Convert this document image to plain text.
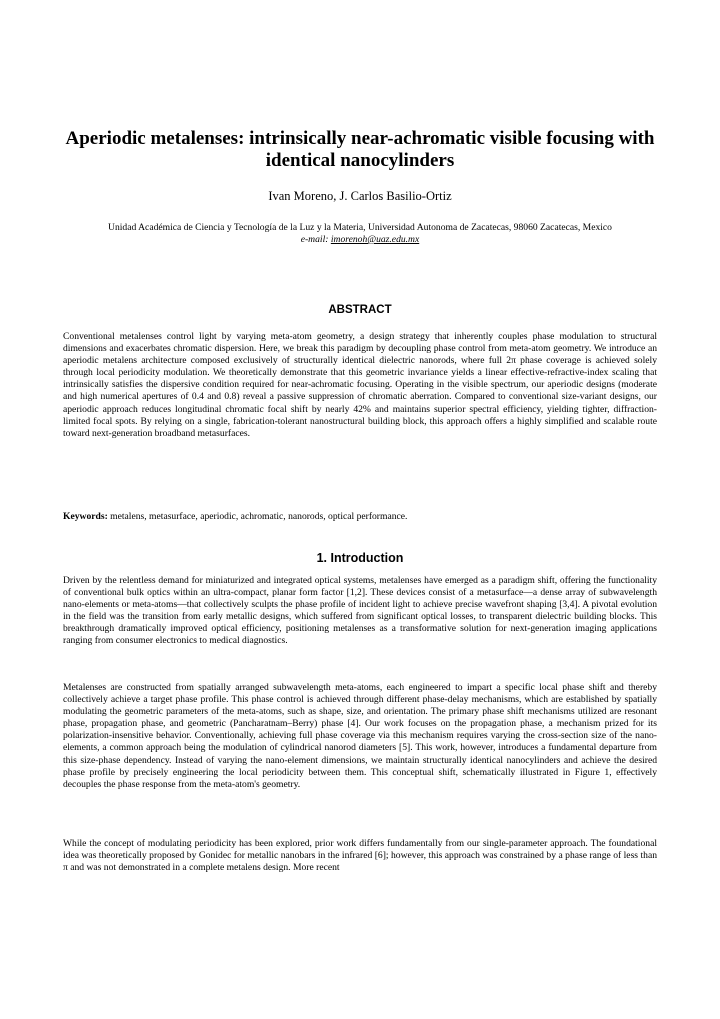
Aperiodic metalenses: intrinsically near-achromatic visible focusing with identical nanocylinders
Ivan Moreno, J. Carlos Basilio-Ortiz
Unidad Académica de Ciencia y Tecnología de la Luz y la Materia, Universidad Autonoma de Zacatecas, 98060 Zacatecas, Mexico
e-mail: imorenoh@uaz.edu.mx
ABSTRACT

Conventional metalenses control light by varying meta-atom geometry, a design strategy that inherently couples phase modulation to structural dimensions and exacerbates chromatic dispersion. Here, we break this paradigm by decoupling phase control from meta-atom geometry. We introduce an aperiodic metalens architecture composed exclusively of structurally identical dielectric nanorods, where full 2π phase coverage is achieved solely through local periodicity modulation. We theoretically demonstrate that this geometric invariance yields a linear effective-refractive-index scaling that intrinsically satisfies the dispersive condition required for near-achromatic focusing. Operating in the visible spectrum, our aperiodic designs (moderate and high numerical apertures of 0.4 and 0.8) reveal a passive suppression of chromatic aberration. Compared to conventional size-variant designs, our aperiodic approach reduces longitudinal chromatic focal shift by nearly 42% and maintains superior spectral efficiency, yielding tighter, diffraction-limited focal spots. By relying on a single, fabrication-tolerant nanostructural building block, this approach offers a highly simplified and scalable route toward next-generation broadband metasurfaces.

Keywords: metalens, metasurface, aperiodic, achromatic, nanorods, optical performance.

1. Introduction

Driven by the relentless demand for miniaturized and integrated optical systems, metalenses have emerged as a paradigm shift, offering the functionality of conventional bulk optics within an ultra-compact, planar form factor [1,2]. These devices consist of a metasurface—a dense array of subwavelength nano-elements or meta-atoms—that collectively sculpts the phase profile of incident light to achieve precise wavefront shaping [3,4]. A pivotal evolution in the field was the transition from early metallic designs, which suffered from significant optical losses, to transparent dielectric building blocks. This breakthrough dramatically improved optical efficiency, positioning metalenses as a transformative solution for next-generation imaging applications ranging from consumer electronics to medical diagnostics.

Metalenses are constructed from spatially arranged subwavelength meta-atoms, each engineered to impart a specific local phase shift and thereby collectively achieve a target phase profile. This phase control is achieved through different phase-delay mechanisms, which are established by spatially modulating the geometric parameters of the meta-atoms, such as shape, size, and orientation. The primary phase shift mechanisms utilized are resonant phase, propagation phase, and geometric (Pancharatnam–Berry) phase [4]. Our work focuses on the propagation phase, a mechanism prized for its polarization-insensitive behavior. Conventionally, achieving full phase coverage via this mechanism requires varying the cross-section size of the nano-elements, a common approach being the modulation of cylindrical nanorod diameters [5]. This work, however, introduces a fundamental departure from this size-phase dependency. Instead of varying the nano-element dimensions, we maintain structurally identical nanocylinders and achieve the desired phase profile by precisely engineering the local periodicity between them. This conceptual shift, schematically illustrated in Figure 1, effectively decouples the phase response from the meta-atom's geometry.

While the concept of modulating periodicity has been explored, prior work differs fundamentally from our single-parameter approach. The foundational idea was theoretically proposed by Gonidec for metallic nanobars in the infrared [6]; however, this approach was constrained by a phase range of less than π and was not demonstrated in a complete metalens design. More recent
